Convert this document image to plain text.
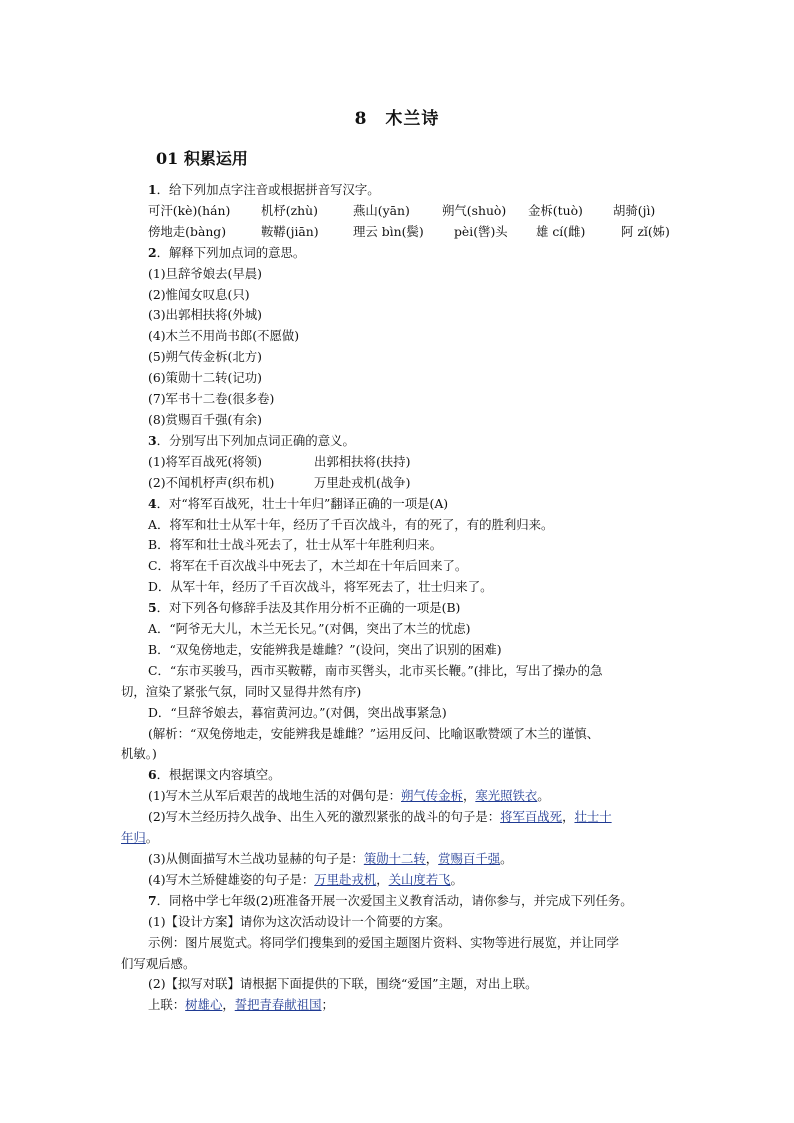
8　木兰诗
01 积累运用
1．给下列加点字注音或根据拼音写汉字。
可汗(kè)(hán)	机杼(zhù)	燕山(yān)	朔气(shuò)	金柝(tuò)	胡骑(jì)
傍地走(bàng)	鞍鞯(jiān)	理云 bìn(鬓)	pèi(辔)头	雄 cí(雌)	阿 zǐ(姊)
2．解释下列加点词的意思。
(1)旦辞爷娘去(早晨)
(2)惟闻女叹息(只)
(3)出郭相扶将(外城)
(4)木兰不用尚书郎(不愿做)
(5)朔气传金柝(北方)
(6)策勋十二转(记功)
(7)军书十二卷(很多卷)
(8)赏赐百千强(有余)
3．分别写出下列加点词正确的意义。
(1)将军百战死(将领)	出郭相扶将(扶持)
(2)不闻机杼声(织布机)	万里赴戎机(战争)
4．对“将军百战死，壮士十年归”翻译正确的一项是(A)
A．将军和壮士从军十年，经历了千百次战斗，有的死了，有的胜利归来。
B．将军和壮士战斗死去了，壮士从军十年胜利归来。
C．将军在千百次战斗中死去了，木兰却在十年后回来了。
D．从军十年，经历了千百次战斗，将军死去了，壮士归来了。
5．对下列各句修辞手法及其作用分析不正确的一项是(B)
A．“阿爷无大儿，木兰无长兄。”(对偶，突出了木兰的忧虑)
B．“双兔傍地走，安能辨我是雄雌？”(设问，突出了识别的困难)
C．“东市买骏马，西市买鞍鞯，南市买辔头，北市买长鞭。”(排比，写出了操办的急
切，渲染了紧张气氛，同时又显得井然有序)
D．“旦辞爷娘去，暮宿黄河边。”(对偶，突出战事紧急)
(解析：“双兔傍地走，安能辨我是雄雌？”运用反问、比喻讴歌赞颂了木兰的谨慎、
机敏。)
6．根据课文内容填空。
(1)写木兰从军后艰苦的战地生活的对偶句是：朔气传金柝，寒光照铁衣。
(2)写木兰经历持久战争、出生入死的激烈紧张的战斗的句子是：将军百战死，壮士十
年归。
(3)从侧面描写木兰战功显赫的句子是：策勋十二转，赏赐百千强。
(4)写木兰矫健雄姿的句子是：万里赴戎机，关山度若飞。
7．同格中学七年级(2)班准备开展一次爱国主义教育活动，请你参与，并完成下列任务。
(1)【设计方案】请你为这次活动设计一个简要的方案。
示例：图片展览式。将同学们搜集到的爱国主题图片资料、实物等进行展览，并让同学
们写观后感。
(2)【拟写对联】请根据下面提供的下联，围绕“爱国”主题，对出上联。
上联：树雄心，誓把青春献祖国；
